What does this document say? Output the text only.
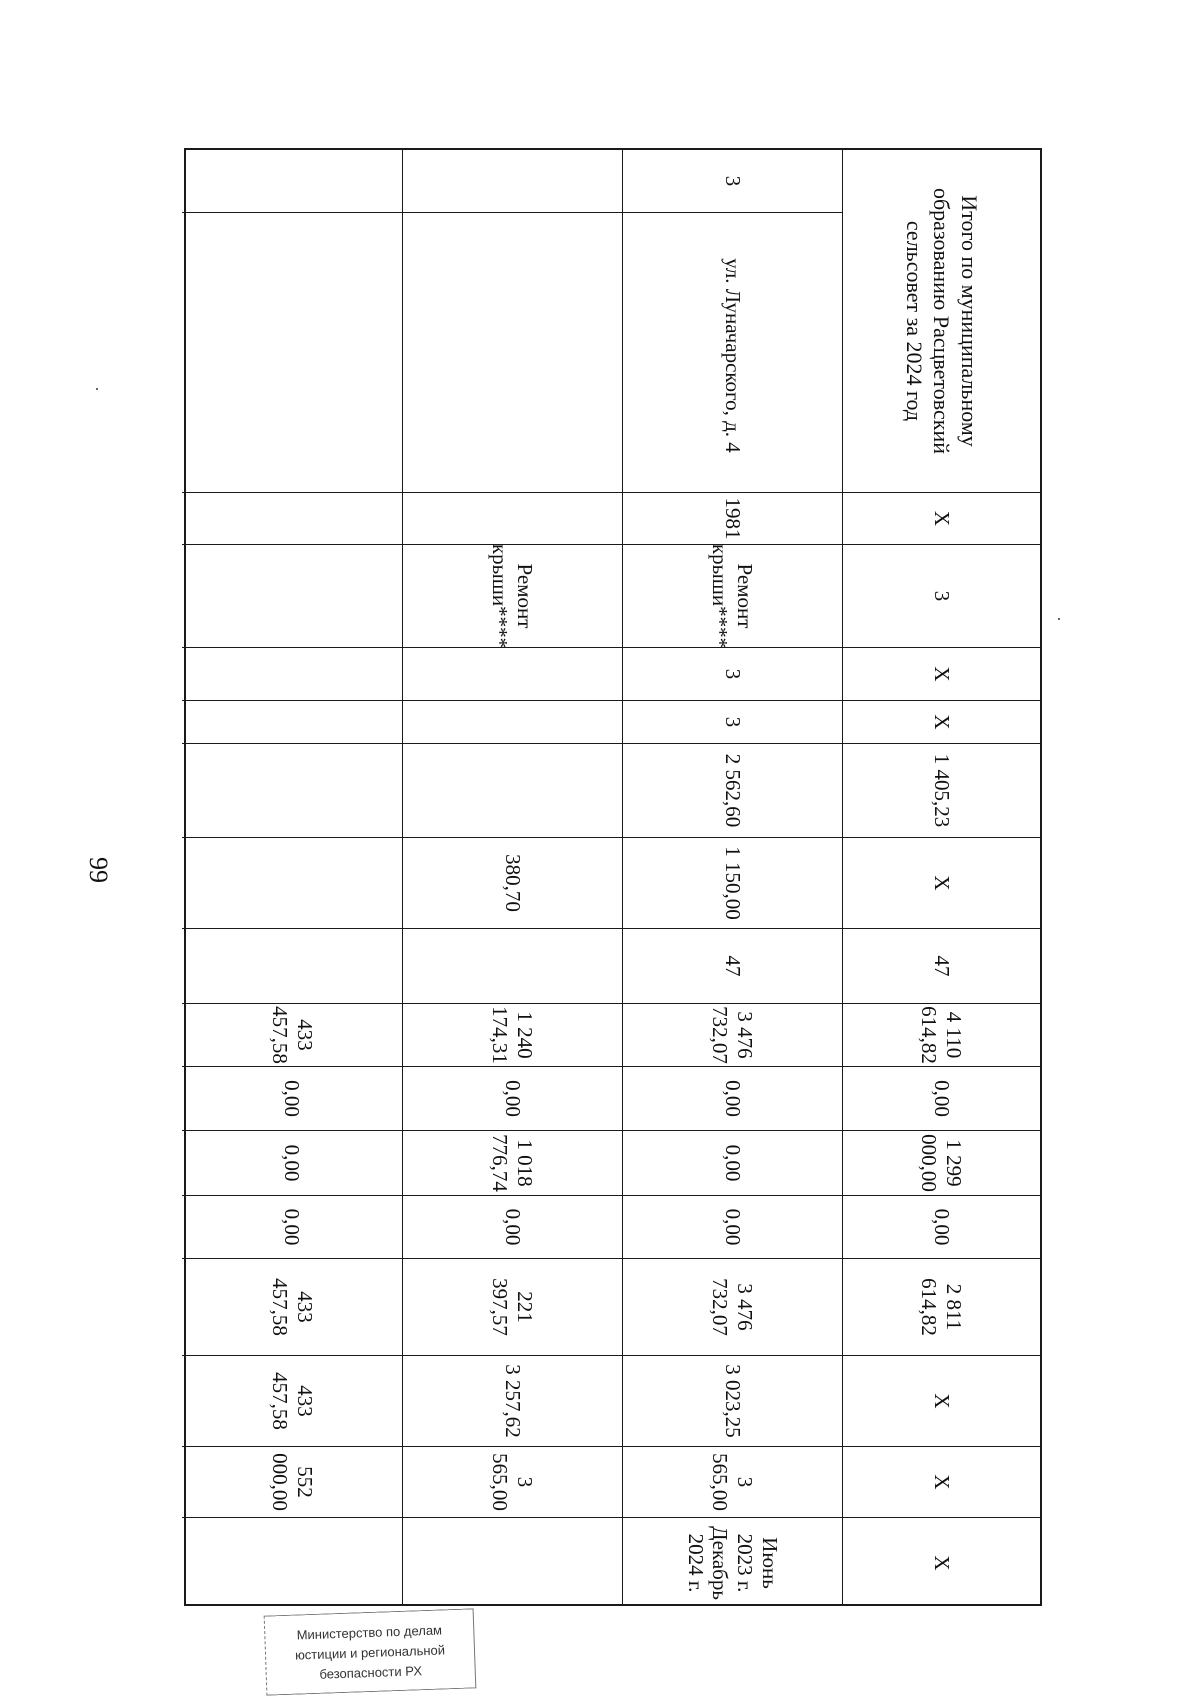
99
Итого по муниципальному образованию Расцветовский сельсовет за 2024 год
X
3
X
X
1 405,23
X
47
4 110 614,82
0,00
1 299 000,00
0,00
2 811 614,82
X
X
X
3
ул. Луначарского, д. 4
1981
Ремонт крыши****
3
3
2 562,60
1 150,00
47
3 476 732,07
0,00
0,00
0,00
3 476 732,07
3 023,25
3 565,00
Июнь 2023 г.
Декабрь 2024 г.
Ремонт крыши****
380,70
1 240 174,31
0,00
1 018 776,74
0,00
221 397,57
3 257,62
3 565,00
433 457,58
0,00
0,00
0,00
433 457,58
433 457,58
552 000,00
Министерство по делам
юстиции и региональной
безопасности РХ
